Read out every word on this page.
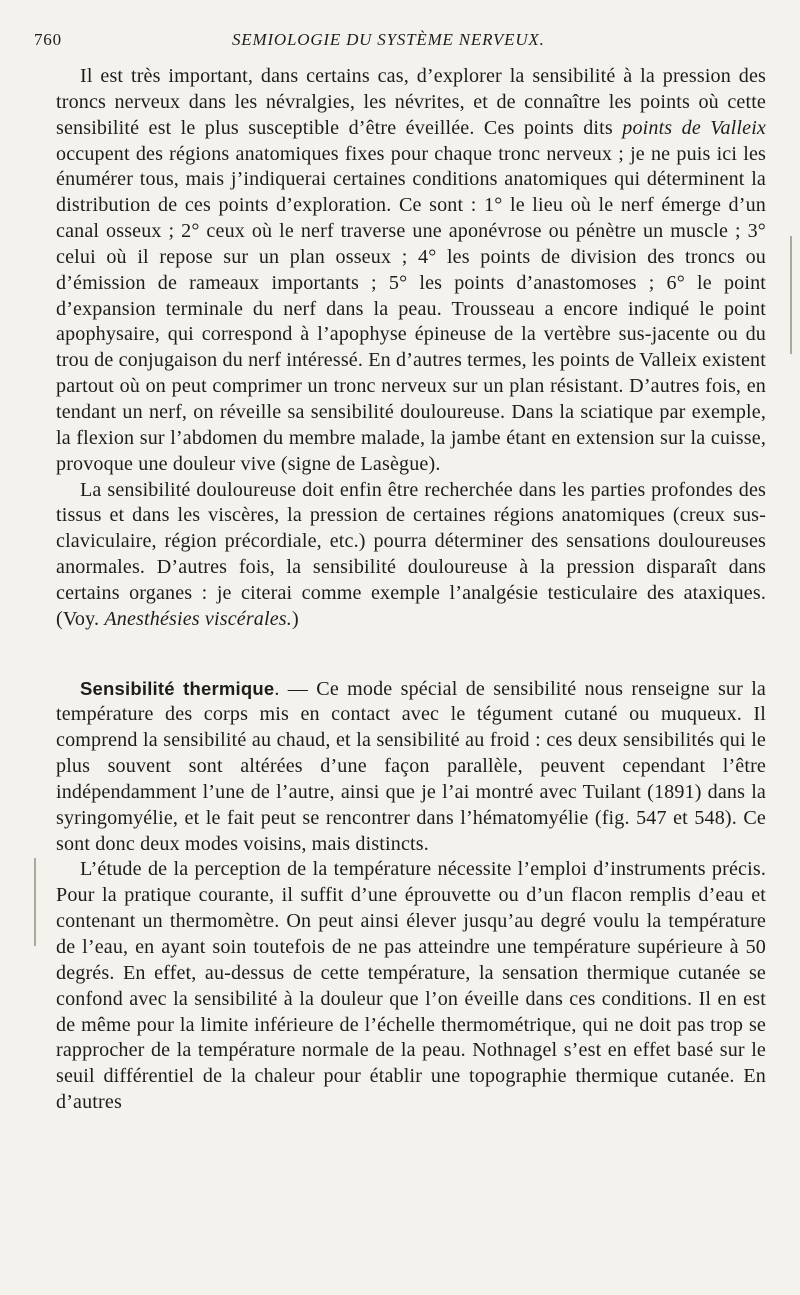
760	SEMIOLOGIE DU SYSTÈME NERVEUX.

Il est très important, dans certains cas, d’explorer la sensibilité à la pression des troncs nerveux dans les névralgies, les névrites, et de connaître les points où cette sensibilité est le plus susceptible d’être éveillée. Ces points dits points de Valleix occupent des régions anatomiques fixes pour chaque tronc nerveux ; je ne puis ici les énumérer tous, mais j’indiquerai certaines conditions anatomiques qui déterminent la distribution de ces points d’exploration. Ce sont : 1° le lieu où le nerf émerge d’un canal osseux ; 2° ceux où le nerf traverse une aponévrose ou pénètre un muscle ; 3° celui où il repose sur un plan osseux ; 4° les points de division des troncs ou d’émission de rameaux importants ; 5° les points d’anastomoses ; 6° le point d’expansion terminale du nerf dans la peau. Trousseau a encore indiqué le point apophysaire, qui correspond à l’apophyse épineuse de la vertèbre sus-jacente ou du trou de conjugaison du nerf intéressé. En d’autres termes, les points de Valleix existent partout où on peut comprimer un tronc nerveux sur un plan résistant. D’autres fois, en tendant un nerf, on réveille sa sensibilité douloureuse. Dans la sciatique par exemple, la flexion sur l’abdomen du membre malade, la jambe étant en extension sur la cuisse, provoque une douleur vive (signe de Lasègue).

La sensibilité douloureuse doit enfin être recherchée dans les parties profondes des tissus et dans les viscères, la pression de certaines régions anatomiques (creux sus-claviculaire, région précordiale, etc.) pourra déterminer des sensations douloureuses anormales. D’autres fois, la sensibilité douloureuse à la pression disparaît dans certains organes : je citerai comme exemple l’analgésie testiculaire des ataxiques. (Voy. Anesthésies viscérales.)

Sensibilité thermique. — Ce mode spécial de sensibilité nous renseigne sur la température des corps mis en contact avec le tégument cutané ou muqueux. Il comprend la sensibilité au chaud, et la sensibilité au froid : ces deux sensibilités qui le plus souvent sont altérées d’une façon parallèle, peuvent cependant l’être indépendamment l’une de l’autre, ainsi que je l’ai montré avec Tuilant (1891) dans la syringomyélie, et le fait peut se rencontrer dans l’hématomyélie (fig. 547 et 548). Ce sont donc deux modes voisins, mais distincts.

L’étude de la perception de la température nécessite l’emploi d’instruments précis. Pour la pratique courante, il suffit d’une éprouvette ou d’un flacon remplis d’eau et contenant un thermomètre. On peut ainsi élever jusqu’au degré voulu la température de l’eau, en ayant soin toutefois de ne pas atteindre une température supérieure à 50 degrés. En effet, au-dessus de cette température, la sensation thermique cutanée se confond avec la sensibilité à la douleur que l’on éveille dans ces conditions. Il en est de même pour la limite inférieure de l’échelle thermométrique, qui ne doit pas trop se rapprocher de la température normale de la peau. Nothnagel s’est en effet basé sur le seuil différentiel de la chaleur pour établir une topographie thermique cutanée. En d’autres
